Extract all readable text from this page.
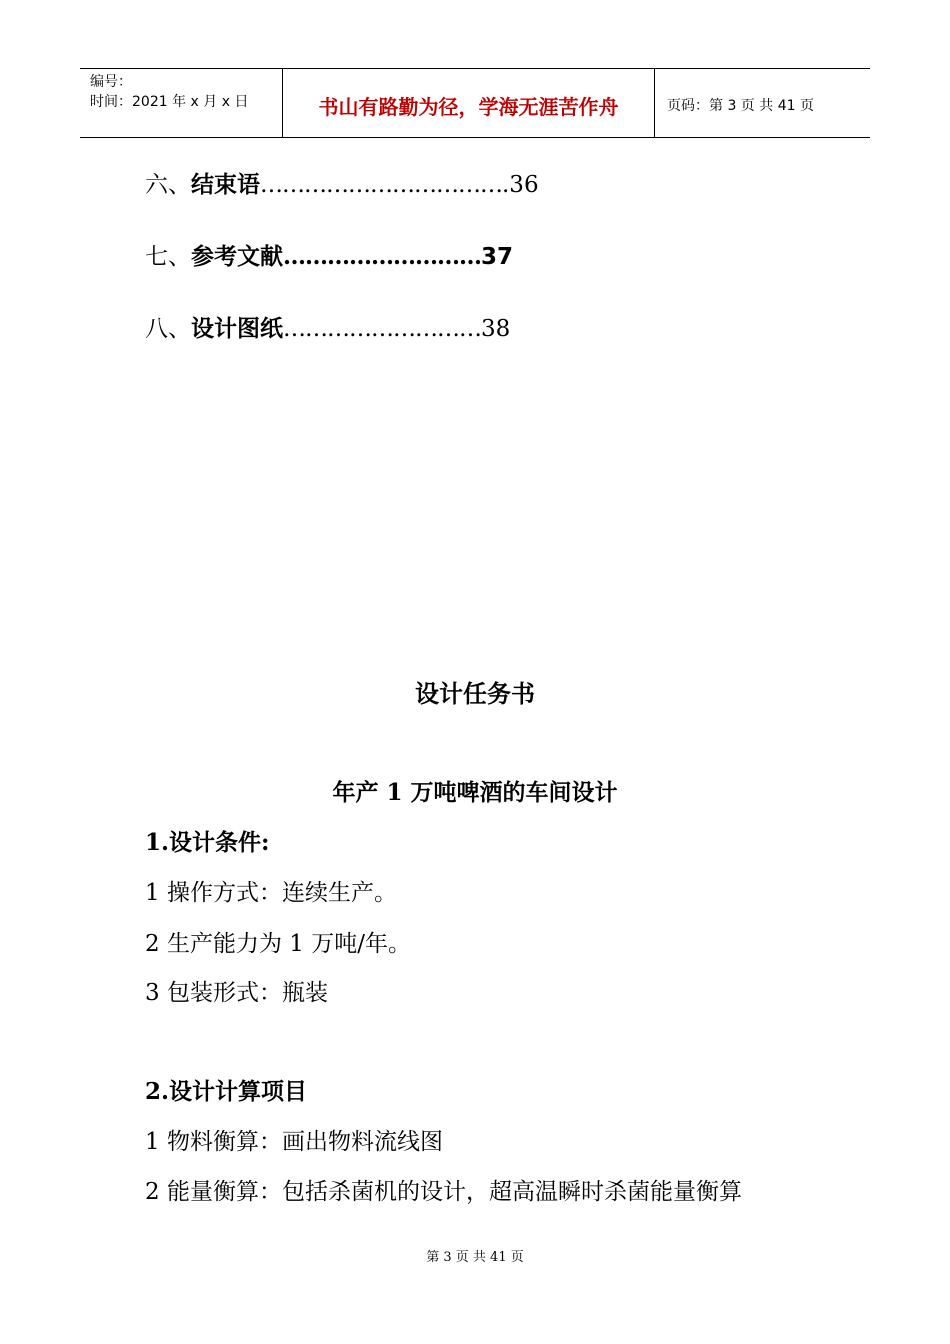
编号：
时间：2021 年 x 月 x 日	书山有路勤为径，学海无涯苦作舟	页码：第 3 页 共 41 页
六、结束语…………………………….36
七、参考文献………………………37
八、设计图纸………………………38
设计任务书
年产 1 万吨啤酒的车间设计
1.设计条件:
1 操作方式：连续生产。
2 生产能力为 1 万吨/年。
3 包装形式：瓶装
2.设计计算项目
1 物料衡算：画出物料流线图
2 能量衡算：包括杀菌机的设计，超高温瞬时杀菌能量衡算
第 3 页 共 41 页
